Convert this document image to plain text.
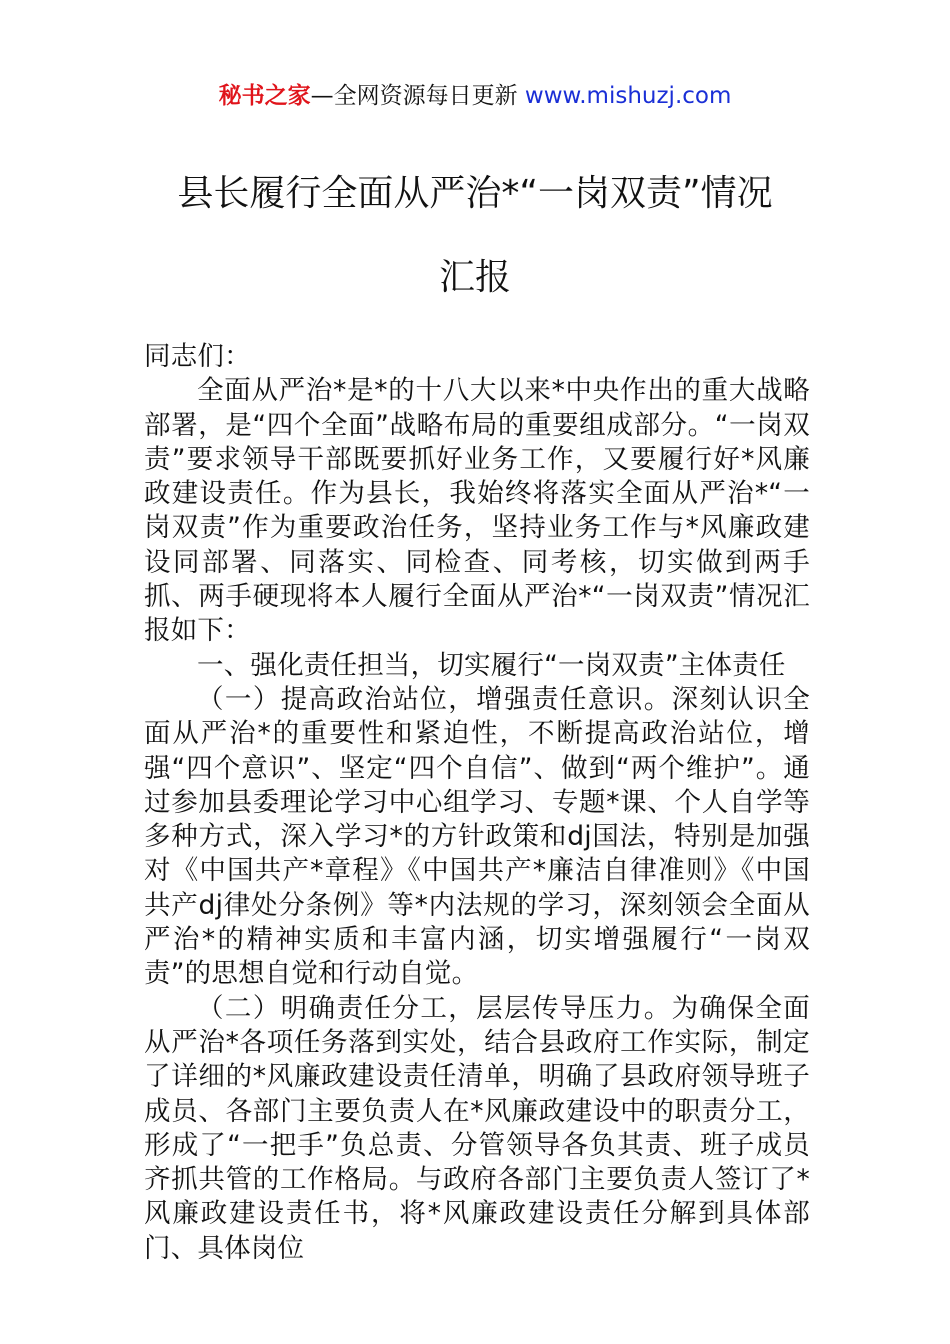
秘书之家—全网资源每日更新 www.mishuzj.com
县长履行全面从严治*“一岗双责”情况
汇报

同志们：

全面从严治*是*的十八大以来*中央作出的重大战略部署，是“四个全面”战略布局的重要组成部分。“一岗双责”要求领导干部既要抓好业务工作，又要履行好*风廉政建设责任。作为县长，我始终将落实全面从严治*“一岗双责”作为重要政治任务，坚持业务工作与*风廉政建设同部署、同落实、同检查、同考核，切实做到两手抓、两手硬现将本人履行全面从严治*“一岗双责”情况汇报如下：

一、强化责任担当，切实履行“一岗双责”主体责任

（一）提高政治站位，增强责任意识。深刻认识全面从严治*的重要性和紧迫性，不断提高政治站位，增强“四个意识”、坚定“四个自信”、做到“两个维护”。通过参加县委理论学习中心组学习、专题*课、个人自学等多种方式，深入学习*的方针政策和dj国法，特别是加强对《中国共产*章程》《中国共产*廉洁自律准则》《中国共产dj律处分条例》等*内法规的学习，深刻领会全面从严治*的精神实质和丰富内涵，切实增强履行“一岗双责”的思想自觉和行动自觉。

（二）明确责任分工，层层传导压力。为确保全面从严治*各项任务落到实处，结合县政府工作实际，制定了详细的*风廉政建设责任清单，明确了县政府领导班子成员、各部门主要负责人在*风廉政建设中的职责分工，形成了“一把手”负总责、分管领导各负其责、班子成员齐抓共管的工作格局。与政府各部门主要负责人签订了*风廉政建设责任书，将*风廉政建设责任分解到具体部门、具体岗位
